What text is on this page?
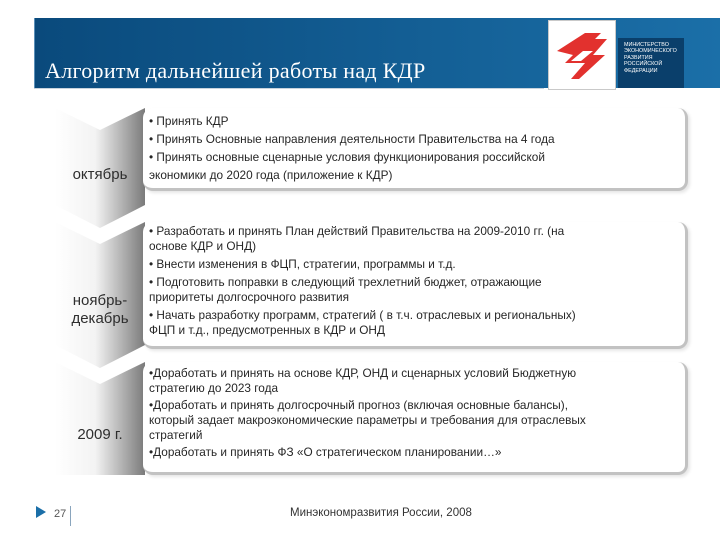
Алгоритм дальнейшей работы над КДР
МИНИСТЕРСТВО
ЭКОНОМИЧЕСКОГО
РАЗВИТИЯ
РОССИЙСКОЙ
ФЕДЕРАЦИИ
октябрь
ноябрь-
декабрь
2009 г.
• Принять КДР
• Принять Основные направления деятельности Правительства на 4 года
• Принять основные сценарные условия функционирования российской
экономики до 2020 года (приложение к КДР)
• Разработать и принять План действий Правительства на 2009-2010 гг. (на
основе КДР и ОНД)
• Внести изменения в ФЦП, стратегии, программы и т.д.
• Подготовить поправки в следующий трехлетний бюджет, отражающие
приоритеты долгосрочного развития
• Начать разработку программ, стратегий ( в т.ч. отраслевых и региональных)
ФЦП и т.д., предусмотренных в КДР и ОНД
•Доработать и принять на основе КДР, ОНД и сценарных условий Бюджетную
стратегию до 2023 года
•Доработать и принять долгосрочный прогноз (включая основные балансы),
который задает макроэкономические параметры и требования для отраслевых
стратегий
•Доработать и принять ФЗ «О стратегическом планировании…»
27	Минэкономразвития России, 2008
